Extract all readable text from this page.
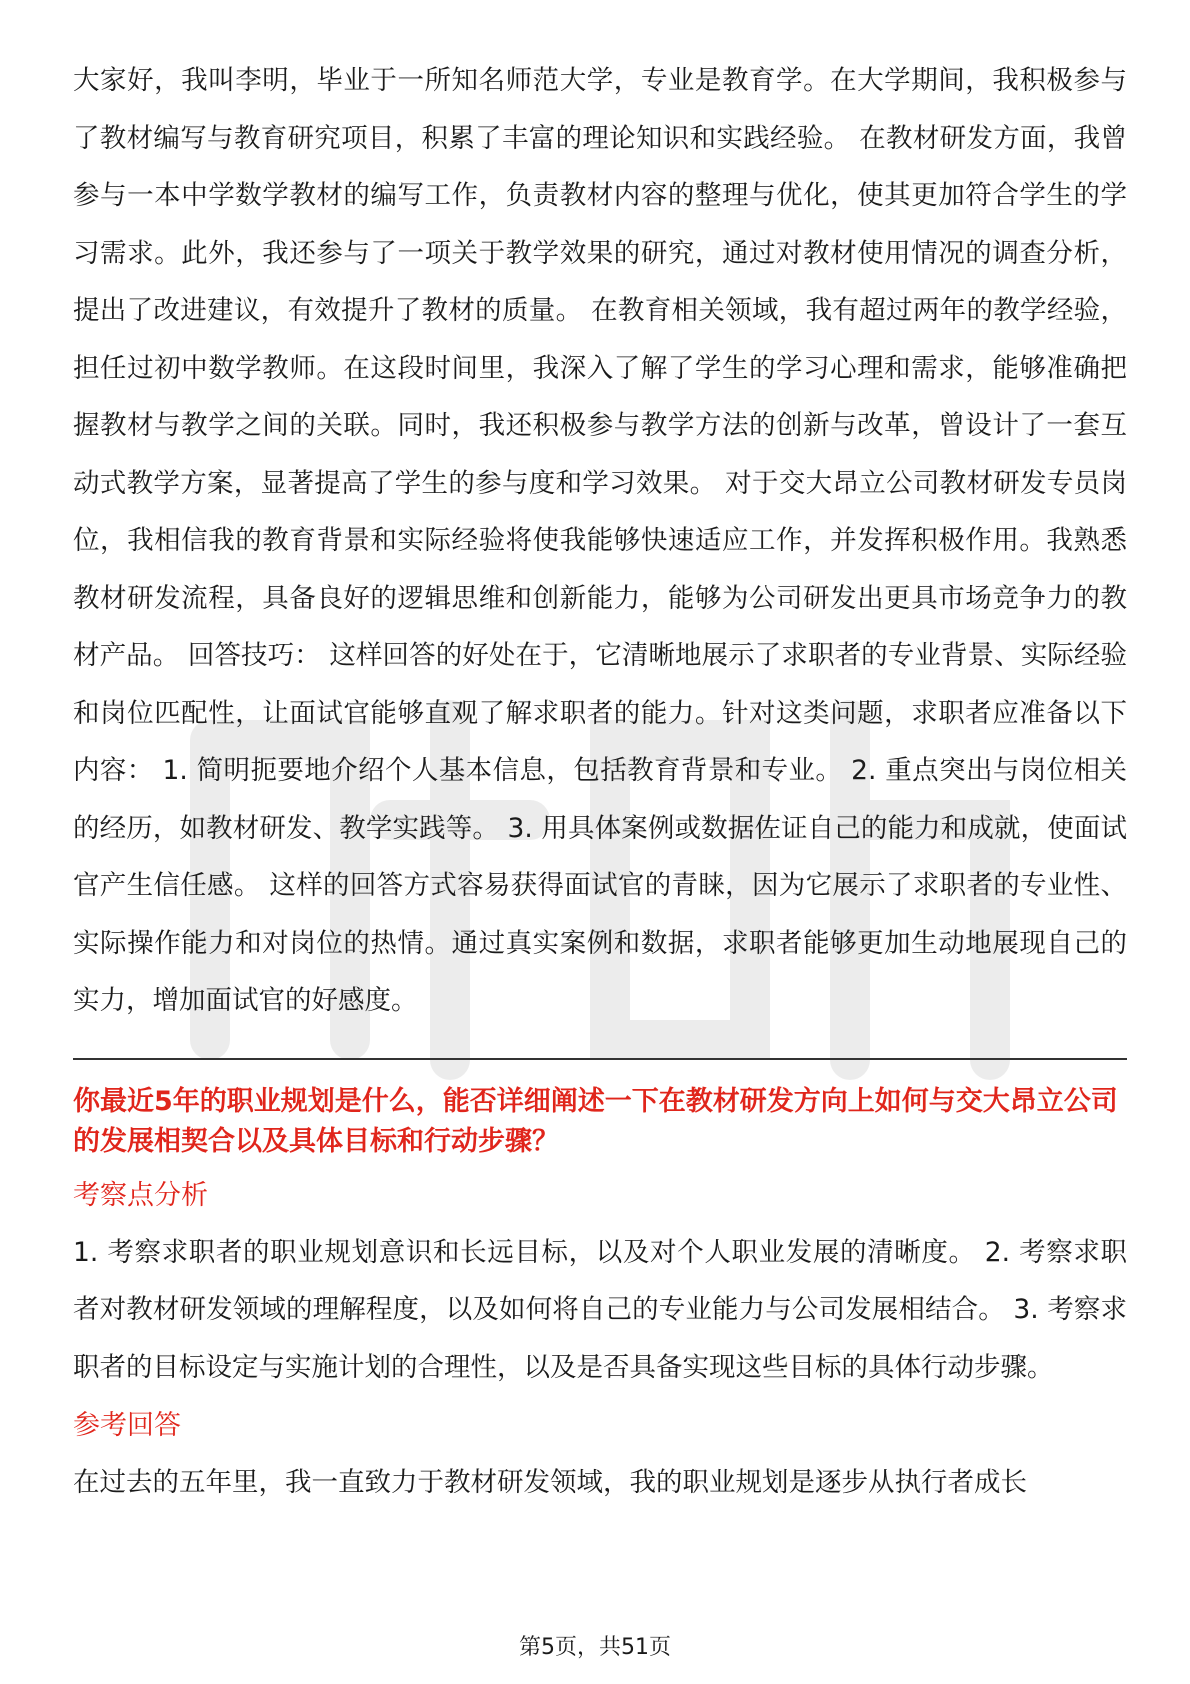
大家好，我叫李明，毕业于一所知名师范大学，专业是教育学。在大学期间，我积极参与了教材编写与教育研究项目，积累了丰富的理论知识和实践经验。 在教材研发方面，我曾参与一本中学数学教材的编写工作，负责教材内容的整理与优化，使其更加符合学生的学习需求。此外，我还参与了一项关于教学效果的研究，通过对教材使用情况的调查分析，提出了改进建议，有效提升了教材的质量。 在教育相关领域，我有超过两年的教学经验，担任过初中数学教师。在这段时间里，我深入了解了学生的学习心理和需求，能够准确把握教材与教学之间的关联。同时，我还积极参与教学方法的创新与改革，曾设计了一套互动式教学方案，显著提高了学生的参与度和学习效果。 对于交大昂立公司教材研发专员岗位，我相信我的教育背景和实际经验将使我能够快速适应工作，并发挥积极作用。我熟悉教材研发流程，具备良好的逻辑思维和创新能力，能够为公司研发出更具市场竞争力的教材产品。 回答技巧： 这样回答的好处在于，它清晰地展示了求职者的专业背景、实际经验和岗位匹配性，让面试官能够直观了解求职者的能力。针对这类问题，求职者应准备以下内容： 1. 简明扼要地介绍个人基本信息，包括教育背景和专业。 2. 重点突出与岗位相关的经历，如教材研发、教学实践等。 3. 用具体案例或数据佐证自己的能力和成就，使面试官产生信任感。 这样的回答方式容易获得面试官的青睐，因为它展示了求职者的专业性、实际操作能力和对岗位的热情。通过真实案例和数据，求职者能够更加生动地展现自己的实力，增加面试官的好感度。

你最近5年的职业规划是什么，能否详细阐述一下在教材研发方向上如何与交大昂立公司的发展相契合以及具体目标和行动步骤？

考察点分析

1. 考察求职者的职业规划意识和长远目标，以及对个人职业发展的清晰度。 2. 考察求职者对教材研发领域的理解程度，以及如何将自己的专业能力与公司发展相结合。 3. 考察求职者的目标设定与实施计划的合理性，以及是否具备实现这些目标的具体行动步骤。

参考回答

在过去的五年里，我一直致力于教材研发领域，我的职业规划是逐步从执行者成长

第5页，共51页
